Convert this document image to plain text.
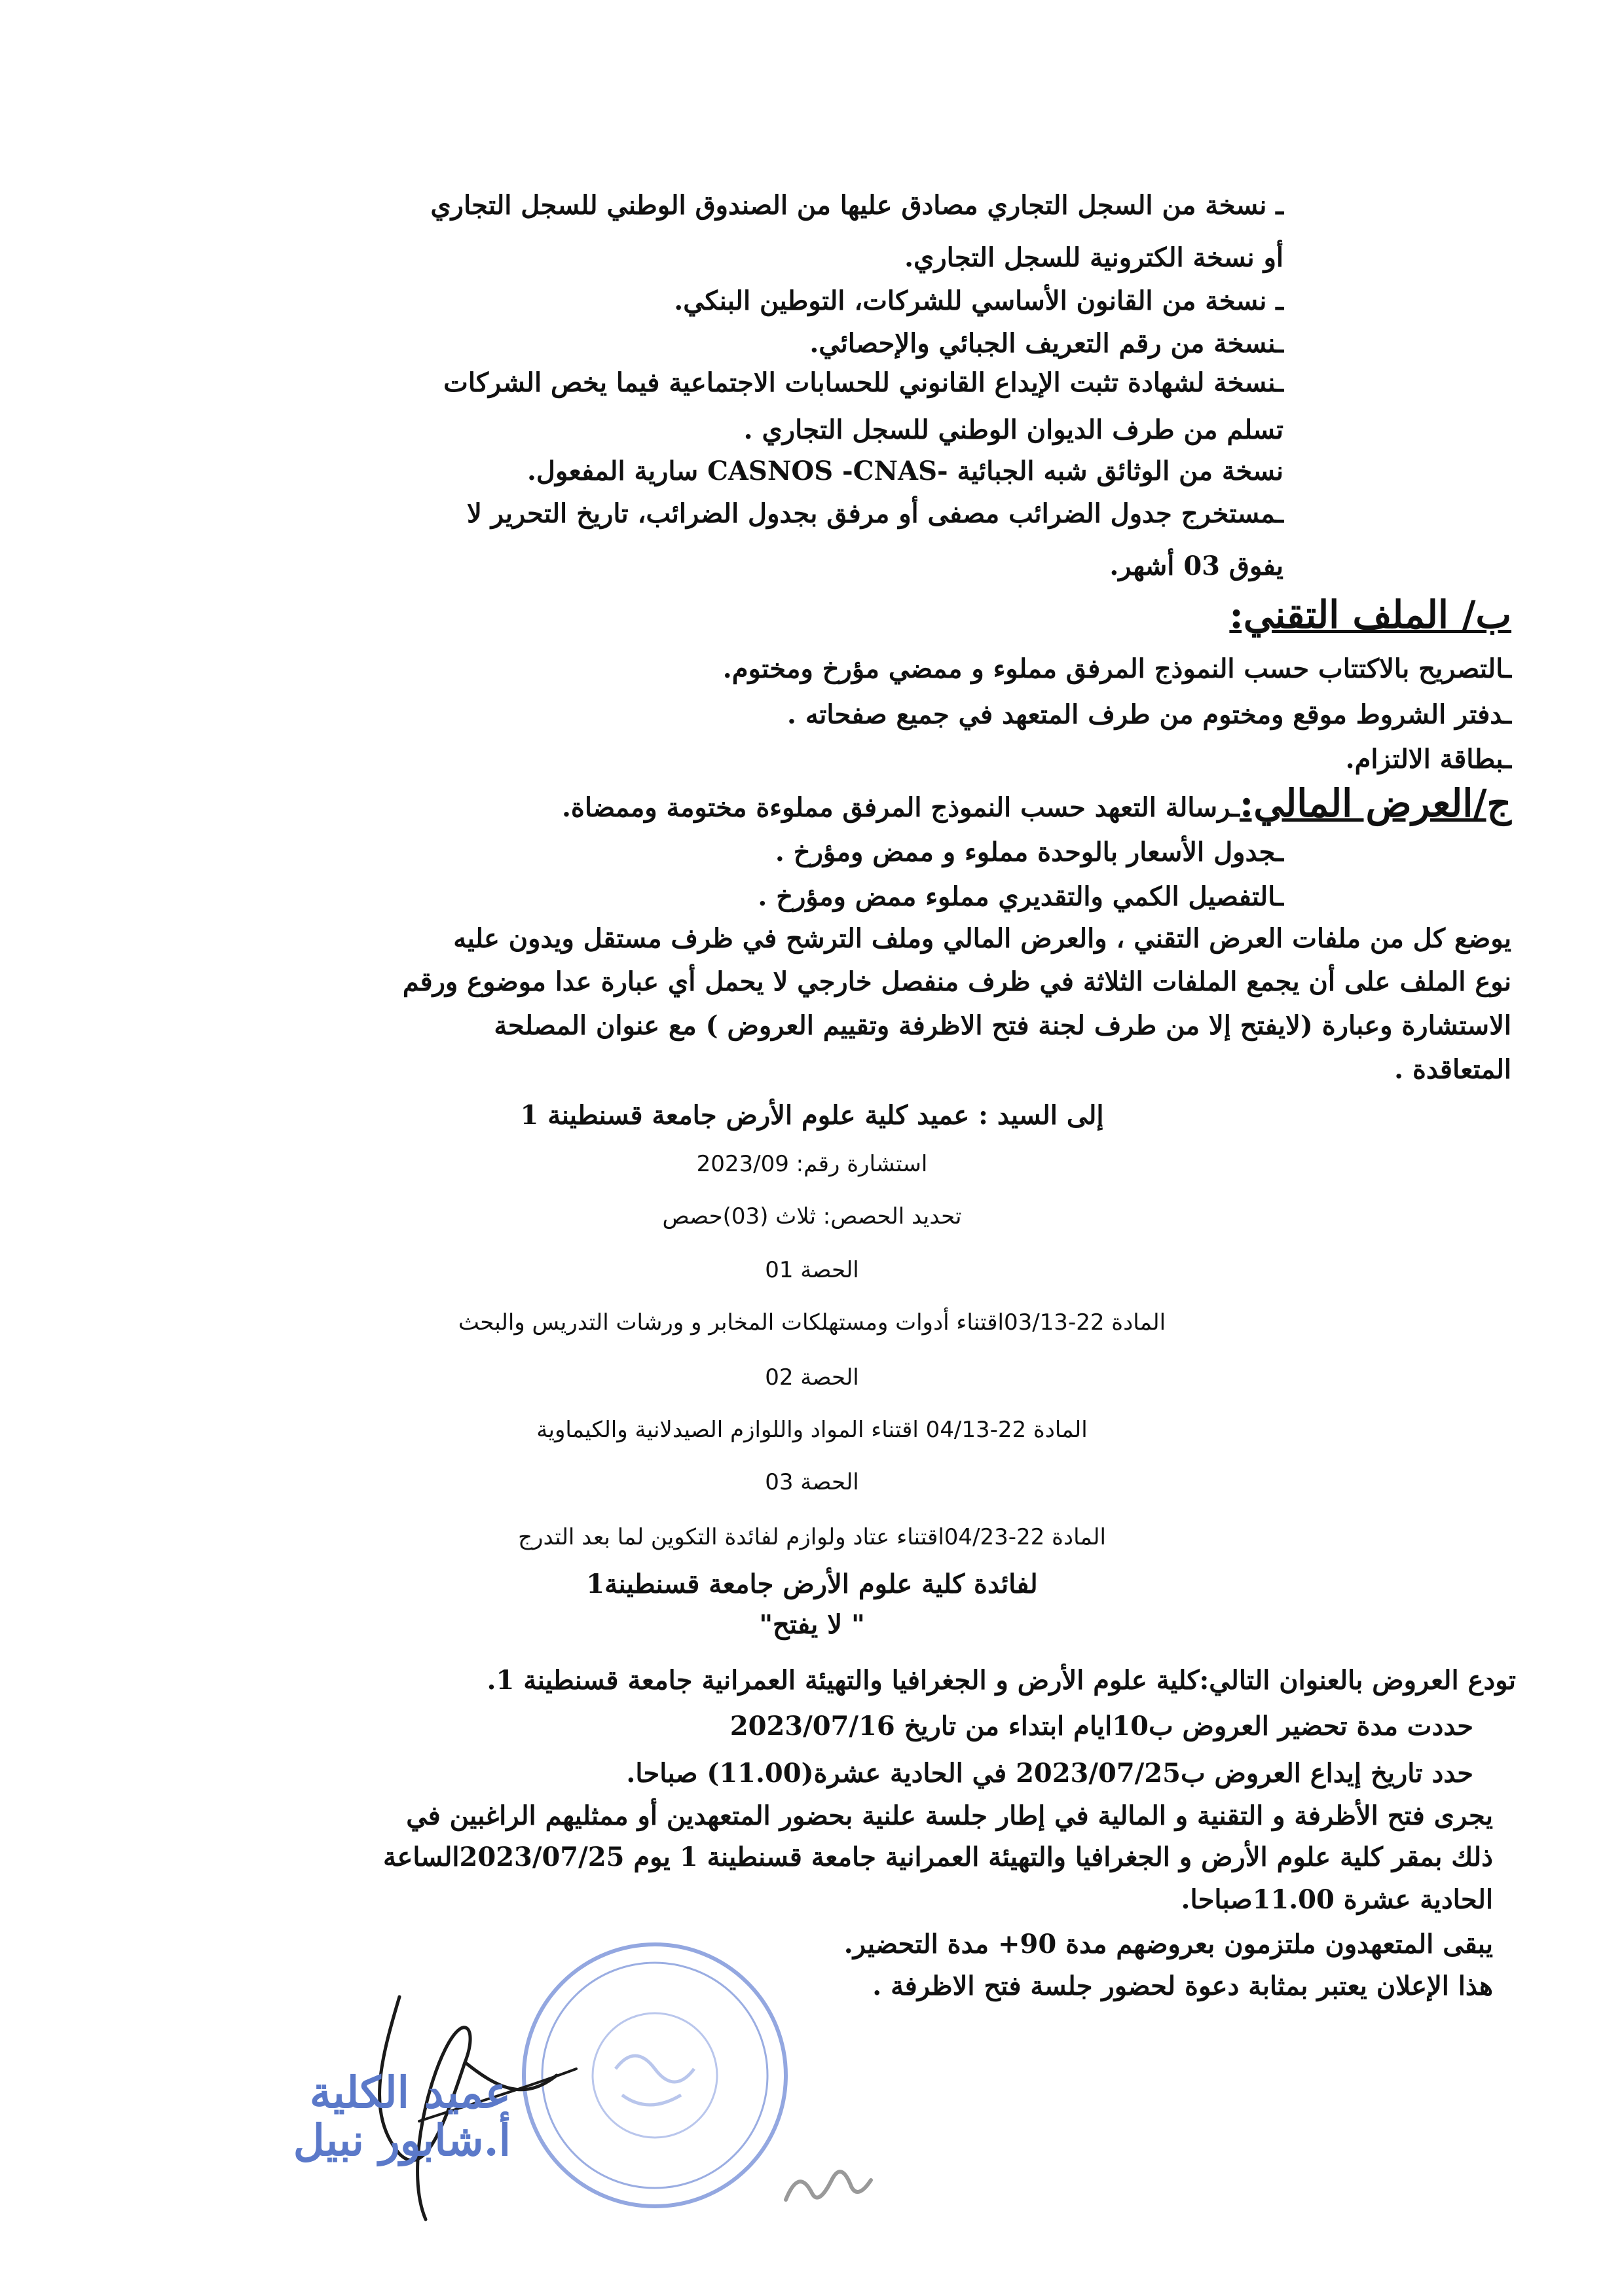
ـ نسخة من السجل التجاري مصادق عليها من الصندوق الوطني للسجل التجاري

أو نسخة الكترونية للسجل التجاري.

ـ نسخة من القانون الأساسي للشركات، التوطين البنكي.

ـنسخة من رقم التعريف الجبائي والإحصائي.

ـنسخة لشهادة تثبت الإيداع القانوني للحسابات الاجتماعية فيما يخص الشركات

تسلم من طرف الديوان الوطني للسجل التجاري .

نسخة من الوثائق شبه الجبائية -CASNOS -CNAS سارية المفعول.

ـمستخرج جدول الضرائب مصفى أو مرفق بجدول الضرائب، تاريخ التحرير لا

يفوق 03 أشهر.

ب/ الملف التقني:

ـالتصريح بالاكتتاب حسب النموذج المرفق مملوء و ممضي مؤرخ ومختوم.

ـدفتر الشروط موقع ومختوم من طرف المتعهد في جميع صفحاته .

ـبطاقة الالتزام.

ج/العرض المالي:ـرسالة التعهد حسب النموذج المرفق مملوءة مختومة وممضاة.

ـجدول الأسعار بالوحدة مملوء و ممض ومؤرخ .

ـالتفصيل الكمي والتقديري مملوء ممض ومؤرخ .

يوضع كل من ملفات العرض التقني ، والعرض المالي وملف الترشح في ظرف مستقل ويدون عليه

نوع الملف على أن يجمع الملفات الثلاثة في ظرف منفصل خارجي لا يحمل أي عبارة عدا موضوع ورقم

الاستشارة وعبارة (لايفتح إلا من طرف لجنة فتح الاظرفة وتقييم العروض ) مع عنوان المصلحة

المتعاقدة .

إلى السيد : عميد كلية علوم الأرض جامعة قسنطينة 1

استشارة رقم: 2023/09

تحديد الحصص: ثلاث (03)حصص

الحصة 01

المادة 22-03/13اقتناء أدوات ومستهلكات المخابر و ورشات التدريس والبحث

الحصة 02

المادة 22-04/13 اقتناء المواد واللوازم الصيدلانية والكيماوية

الحصة 03

المادة 22-04/23اقتناء عتاد ولوازم لفائدة التكوين لما بعد التدرج

لفائدة كلية علوم الأرض جامعة قسنطينة1

" لا يفتح"

تودع العروض بالعنوان التالي:كلية علوم الأرض و الجغرافيا والتهيئة العمرانية جامعة قسنطينة 1.

حددت مدة تحضير العروض ب10ايام ابتداء من تاريخ 2023/07/16

حدد تاريخ إيداع العروض ب2023/07/25 في الحادية عشرة(11.00) صباحا.

يجرى فتح الأظرفة و التقنية و المالية في إطار جلسة علنية بحضور المتعهدين أو ممثليهم الراغبين في

ذلك بمقر كلية علوم الأرض و الجغرافيا والتهيئة العمرانية جامعة قسنطينة 1 يوم 2023/07/25الساعة

الحادية عشرة 11.00صباحا.

يبقى المتعهدون ملتزمون بعروضهم مدة 90+ مدة التحضير.

هذا الإعلان يعتبر بمثابة دعوة لحضور جلسة فتح الاظرفة .

عميد الكلية
أ.شابور نبيل
